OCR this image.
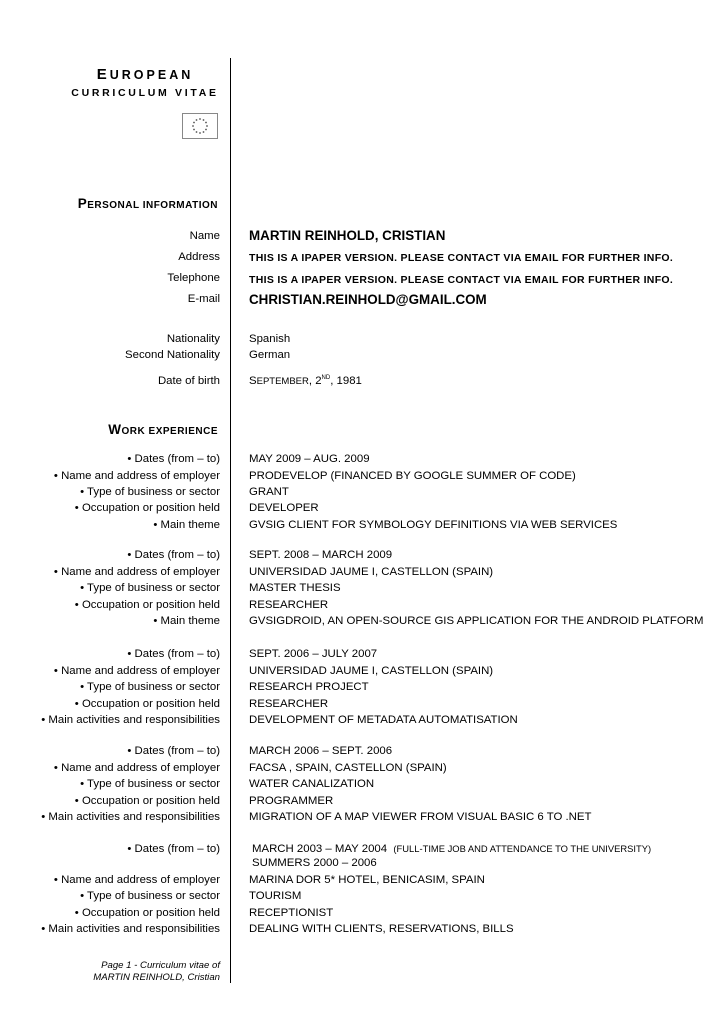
EUROPEAN
CURRICULUM VITAE
PERSONAL INFORMATION
Name MARTIN REINHOLD, CRISTIAN
Address	THIS IS A IPAPER VERSION. PLEASE CONTACT VIA EMAIL FOR FURTHER INFO.
Telephone	THIS IS A IPAPER VERSION. PLEASE CONTACT VIA EMAIL FOR FURTHER INFO.
E-mail CHRISTIAN.REINHOLD@GMAIL.COM
Nationality	Spanish
Second Nationality	German
Date of birth	SEPTEMBER, 2ND, 1981
WORK EXPERIENCE
• Dates (from – to)	MAY 2009 – AUG. 2009
• Name and address of employer	PRODEVELOP (FINANCED BY GOOGLE SUMMER OF CODE)
• Type of business or sector	GRANT
• Occupation or position held	DEVELOPER
• Main theme	GVSIG CLIENT FOR SYMBOLOGY DEFINITIONS VIA WEB SERVICES
• Dates (from – to)	SEPT. 2008 – MARCH 2009
• Name and address of employer	UNIVERSIDAD JAUME I, CASTELLON (SPAIN)
• Type of business or sector	MASTER THESIS
• Occupation or position held	RESEARCHER
• Main theme	GVSIGDROID, AN OPEN-SOURCE GIS APPLICATION FOR THE ANDROID PLATFORM
• Dates (from – to)	SEPT. 2006 – JULY 2007
• Name and address of employer	UNIVERSIDAD JAUME I, CASTELLON (SPAIN)
• Type of business or sector	RESEARCH PROJECT
• Occupation or position held	RESEARCHER
• Main activities and responsibilities	DEVELOPMENT OF METADATA AUTOMATISATION
• Dates (from – to)	MARCH 2006 – SEPT. 2006
• Name and address of employer	FACSA , SPAIN, CASTELLON (SPAIN)
• Type of business or sector	WATER CANALIZATION
• Occupation or position held	PROGRAMMER
• Main activities and responsibilities	MIGRATION OF A MAP VIEWER FROM VISUAL BASIC 6 TO .NET
• Dates (from – to)	MARCH 2003 – MAY 2004 (FULL-TIME JOB AND ATTENDANCE TO THE UNIVERSITY)
SUMMERS 2000 – 2006
• Name and address of employer	MARINA DOR 5* HOTEL, BENICASIM, SPAIN
• Type of business or sector	TOURISM
• Occupation or position held	RECEPTIONIST
• Main activities and responsibilities	DEALING WITH CLIENTS, RESERVATIONS, BILLS
Page 1 - Curriculum vitae of
MARTIN REINHOLD, Cristian
